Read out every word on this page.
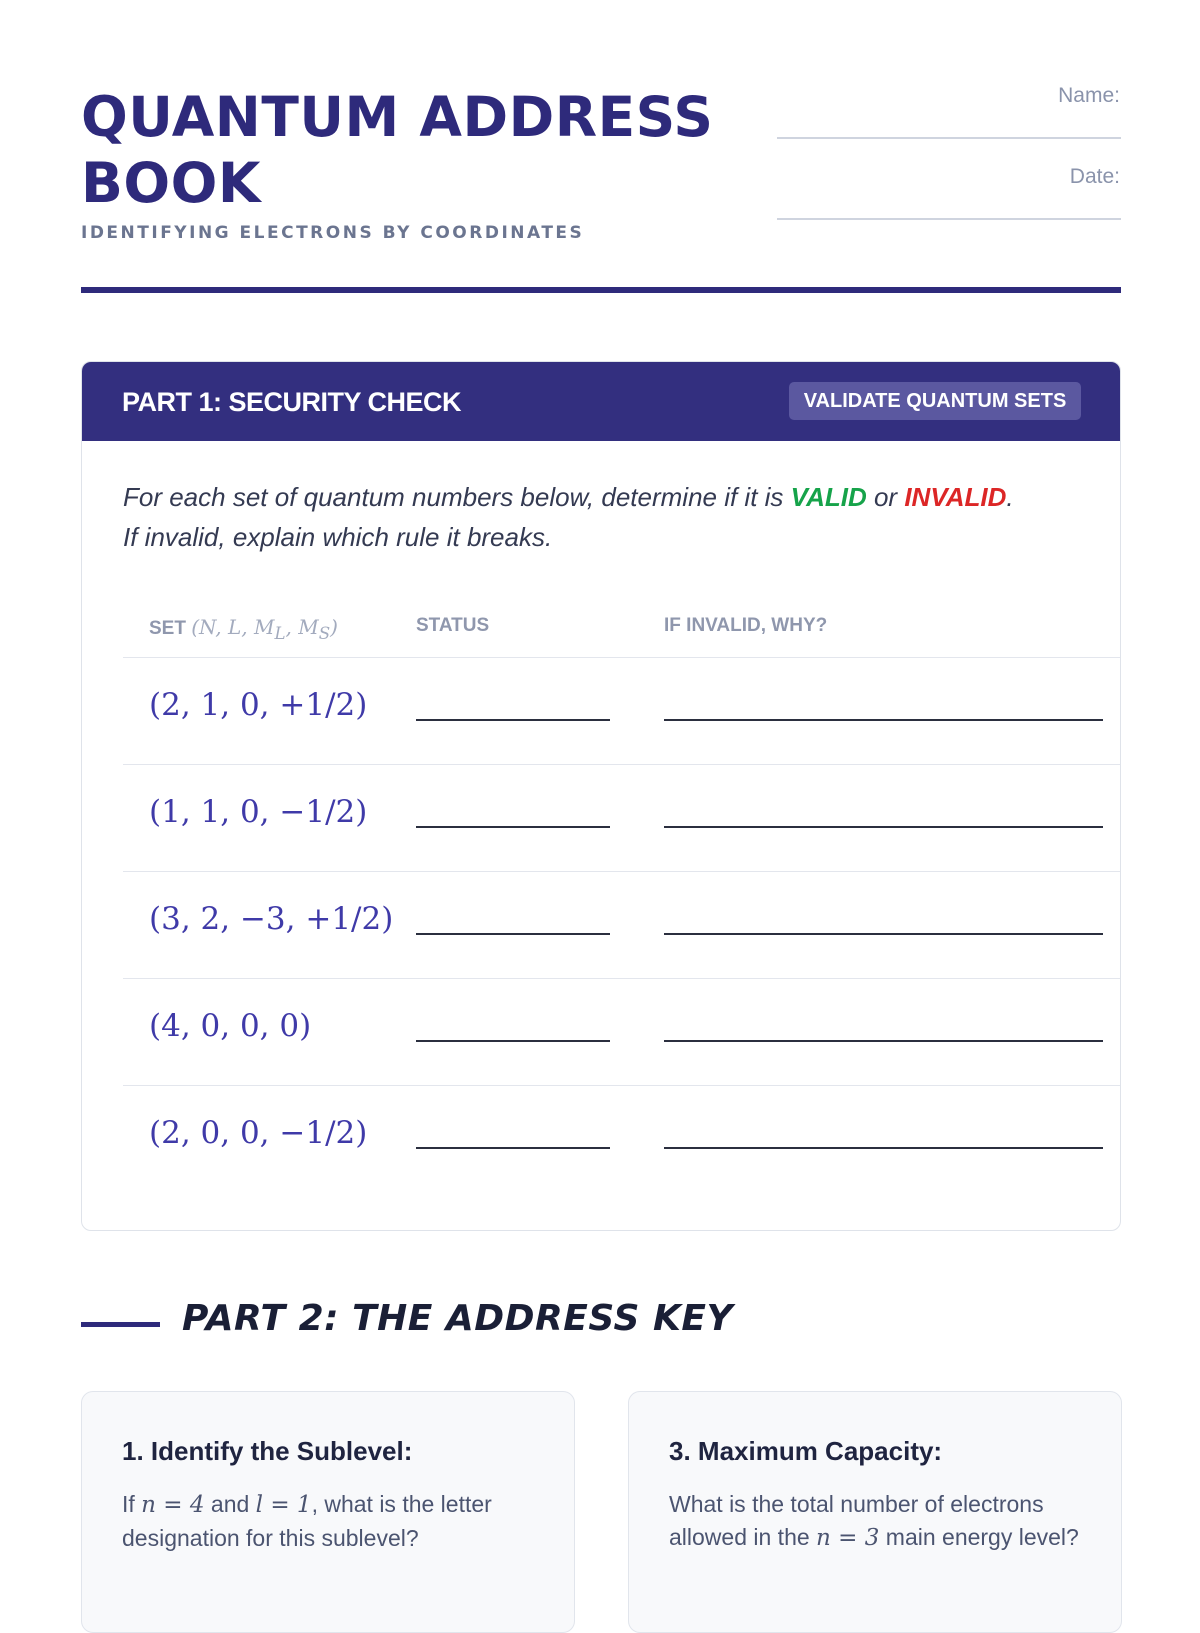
QUANTUM ADDRESS BOOK
IDENTIFYING ELECTRONS BY COORDINATES
Name:
Date:
PART 1: SECURITY CHECK	VALIDATE QUANTUM SETS

For each set of quantum numbers below, determine if it is VALID or INVALID. If invalid, explain which rule it breaks.

SET (N, L, $M_L$, $M_S$)	STATUS	IF INVALID, WHY?
(2, 1, 0, +1/2)
(1, 1, 0, −1/2)
(3, 2, −3, +1/2)
(4, 0, 0, 0)
(2, 0, 0, −1/2)
PART 2: THE ADDRESS KEY
1. Identify the Sublevel:

If n = 4 and l = 1, what is the letter designation for this sublevel?

3. Maximum Capacity:

What is the total number of electrons allowed in the n = 3 main energy level?
